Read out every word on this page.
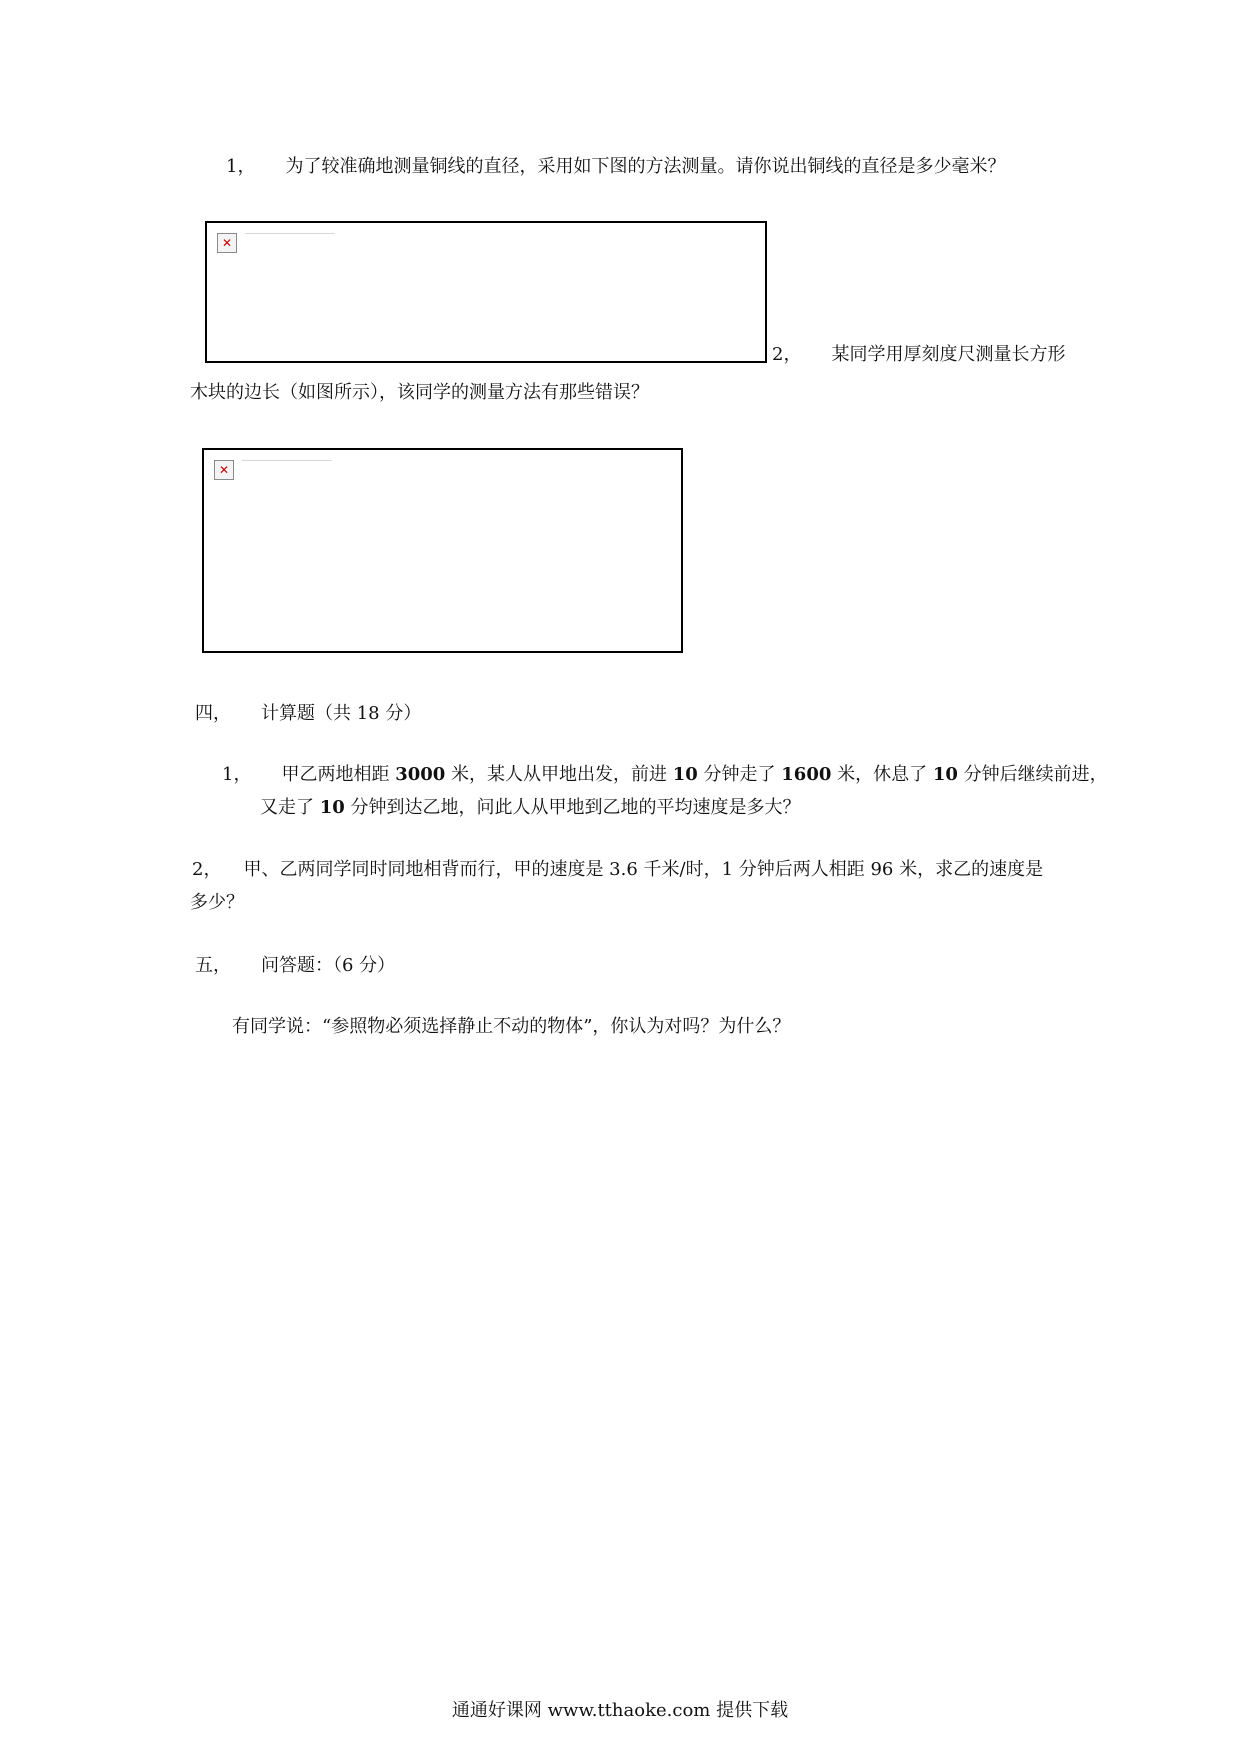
1， 为了较准确地测量铜线的直径，采用如下图的方法测量。请你说出铜线的直径是多少毫米？
✕
________________________________________________________
2， 某同学用厚刻度尺测量长方形
木块的边长（如图所示），该同学的测量方法有那些错误？
✕
________________________________________________________
四， 计算题（共 18 分）
1， 甲乙两地相距 3000 米，某人从甲地出发，前进 10 分钟走了 1600 米，休息了 10 分钟后继续前进，
又走了 10 分钟到达乙地，问此人从甲地到乙地的平均速度是多大？
2， 甲、乙两同学同时同地相背而行，甲的速度是 3.6 千米/时，1 分钟后两人相距 96 米，求乙的速度是
多少？
五， 问答题：（6 分）
有同学说：“参照物必须选择静止不动的物体”，你认为对吗？为什么？
通通好课网 www.tthaoke.com 提供下载
